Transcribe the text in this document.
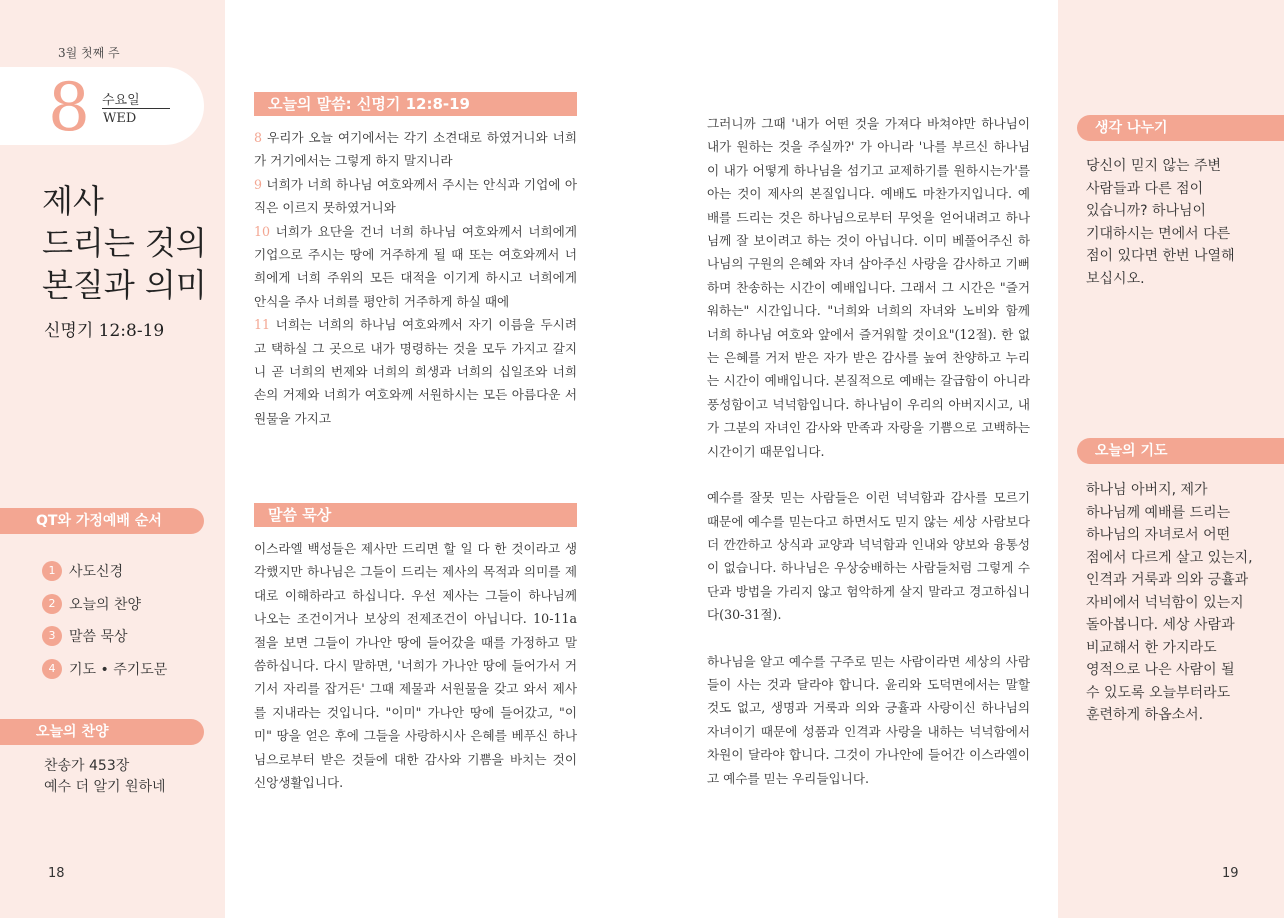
3월 첫째 주
8 수요일
WED
제사
드리는 것의
본질과 의미
신명기 12:8-19
QT와 가정예배 순서
1 사도신경
2 오늘의 찬양
3 말씀 묵상
4 기도 • 주기도문
오늘의 찬양
찬송가 453장
예수 더 알기 원하네
18
오늘의 말씀: 신명기 12:8-19
8 우리가 오늘 여기에서는 각기 소견대로 하였거니와 너희가 거기에서는 그렇게 하지 말지니라
9 너희가 너희 하나님 여호와께서 주시는 안식과 기업에 아직은 이르지 못하였거니와
10 너희가 요단을 건너 너희 하나님 여호와께서 너희에게 기업으로 주시는 땅에 거주하게 될 때 또는 여호와께서 너희에게 너희 주위의 모든 대적을 이기게 하시고 너희에게 안식을 주사 너희를 평안히 거주하게 하실 때에
11 너희는 너희의 하나님 여호와께서 자기 이름을 두시려고 택하실 그 곳으로 내가 명령하는 것을 모두 가지고 갈지니 곧 너희의 번제와 너희의 희생과 너희의 십일조와 너희 손의 거제와 너희가 여호와께 서원하시는 모든 아름다운 서원물을 가지고
말씀 묵상
이스라엘 백성들은 제사만 드리면 할 일 다 한 것이라고 생각했지만 하나님은 그들이 드리는 제사의 목적과 의미를 제대로 이해하라고 하십니다. 우선 제사는 그들이 하나님께 나오는 조건이거나 보상의 전제조건이 아닙니다. 10-11a절을 보면 그들이 가나안 땅에 들어갔을 때를 가정하고 말씀하십니다. 다시 말하면, '너희가 가나안 땅에 들어가서 거기서 자리를 잡거든' 그때 제물과 서원물을 갖고 와서 제사를 지내라는 것입니다. "이미" 가나안 땅에 들어갔고, "이미" 땅을 얻은 후에 그들을 사랑하시사 은혜를 베푸신 하나님으로부터 받은 것들에 대한 감사와 기쁨을 바치는 것이 신앙생활입니다.

그러니까 그때 '내가 어떤 것을 가져다 바쳐야만 하나님이 내가 원하는 것을 주실까?' 가 아니라 '나를 부르신 하나님이 내가 어떻게 하나님을 섬기고 교제하기를 원하시는가'를 아는 것이 제사의 본질입니다. 예배도 마찬가지입니다. 예배를 드리는 것은 하나님으로부터 무엇을 얻어내려고 하나님께 잘 보이려고 하는 것이 아닙니다. 이미 베풀어주신 하나님의 구원의 은혜와 자녀 삼아주신 사랑을 감사하고 기뻐하며 찬송하는 시간이 예배입니다. 그래서 그 시간은 "즐거워하는" 시간입니다. "너희와 너희의 자녀와 노비와 함께 너희 하나님 여호와 앞에서 즐거워할 것이요"(12절). 한 없는 은혜를 거저 받은 자가 받은 감사를 높여 찬양하고 누리는 시간이 예배입니다. 본질적으로 예배는 갈급함이 아니라 풍성함이고 넉넉함입니다. 하나님이 우리의 아버지시고, 내가 그분의 자녀인 감사와 만족과 자랑을 기쁨으로 고백하는 시간이기 때문입니다.

예수를 잘못 믿는 사람들은 이런 넉넉함과 감사를 모르기 때문에 예수를 믿는다고 하면서도 믿지 않는 세상 사람보다 더 깐깐하고 상식과 교양과 넉넉함과 인내와 양보와 융통성이 없습니다. 하나님은 우상숭배하는 사람들처럼 그렇게 수단과 방법을 가리지 않고 험악하게 살지 말라고 경고하십니다(30-31절).

하나님을 알고 예수를 구주로 믿는 사람이라면 세상의 사람들이 사는 것과 달라야 합니다. 윤리와 도덕면에서는 말할 것도 없고, 생명과 거룩과 의와 긍휼과 사랑이신 하나님의 자녀이기 때문에 성품과 인격과 사랑을 내하는 넉넉함에서 차원이 달라야 합니다. 그것이 가나안에 들어간 이스라엘이고 예수를 믿는 우리들입니다.

생각 나누기
당신이 믿지 않는 주변
사람들과 다른 점이
있습니까? 하나님이
기대하시는 면에서 다른
점이 있다면 한번 나열해
보십시오.
오늘의 기도
하나님 아버지, 제가
하나님께 예배를 드리는
하나님의 자녀로서 어떤
점에서 다르게 살고 있는지,
인격과 거룩과 의와 긍휼과
자비에서 넉넉함이 있는지
돌아봅니다. 세상 사람과
비교해서 한 가지라도
영적으로 나은 사람이 될
수 있도록 오늘부터라도
훈련하게 하옵소서.
19
